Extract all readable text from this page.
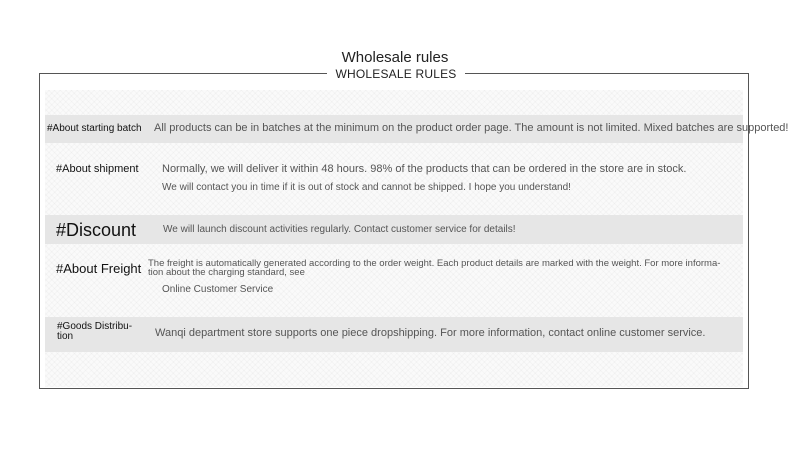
Wholesale rules
WHOLESALE RULES
#About starting batch All products can be in batches at the minimum on the product order page. The amount is not limited. Mixed batches are supported!
#About shipment Normally, we will deliver it within 48 hours. 98% of the products that can be ordered in the store are in stock.
We will contact you in time if it is out of stock and cannot be shipped. I hope you understand!
#Discount	We will launch discount activities regularly. Contact customer service for details!
#About Freight The freight is automatically generated according to the order weight. Each product details are marked with the weight. For more informa-
tion about the charging standard, see
Online Customer Service
#Goods Distribu-
tion	Wanqi department store supports one piece dropshipping. For more information, contact online customer service.
